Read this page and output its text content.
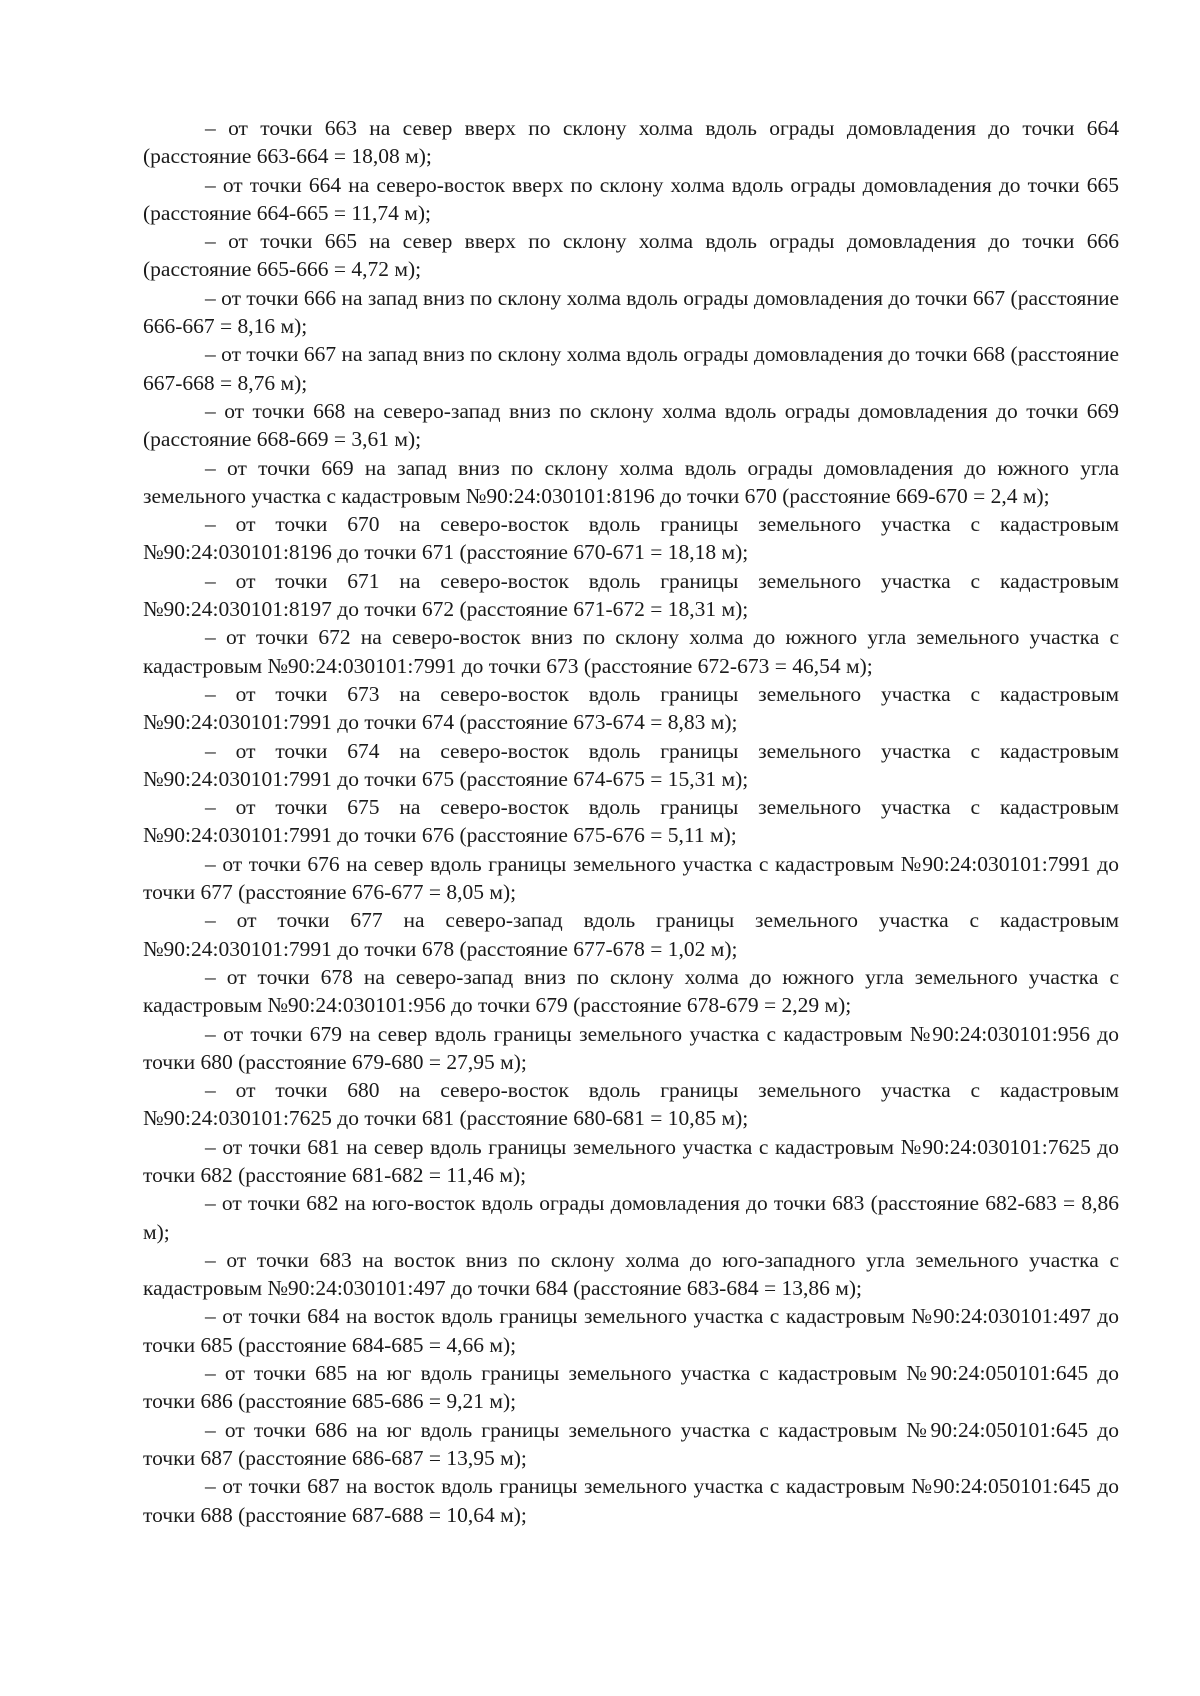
– от точки 663 на север вверх по склону холма вдоль ограды домовладения до точки 664 (расстояние 663-664 = 18,08 м);

– от точки 664 на северо-восток вверх по склону холма вдоль ограды домовладения до точки 665 (расстояние 664-665 = 11,74 м);

– от точки 665 на север вверх по склону холма вдоль ограды домовладения до точки 666 (расстояние 665-666 = 4,72 м);

– от точки 666 на запад вниз по склону холма вдоль ограды домовладения до точки 667 (расстояние 666-667 = 8,16 м);

– от точки 667 на запад вниз по склону холма вдоль ограды домовладения до точки 668 (расстояние 667-668 = 8,76 м);

– от точки 668 на северо-запад вниз по склону холма вдоль ограды домовладения до точки 669 (расстояние 668-669 = 3,61 м);

– от точки 669 на запад вниз по склону холма вдоль ограды домовладения до южного угла земельного участка с кадастровым №90:24:030101:8196 до точки 670 (расстояние 669-670 = 2,4 м);

– от точки 670 на северо-восток вдоль границы земельного участка с кадастровым №90:24:030101:8196 до точки 671 (расстояние 670-671 = 18,18 м);

– от точки 671 на северо-восток вдоль границы земельного участка с кадастровым №90:24:030101:8197 до точки 672 (расстояние 671-672 = 18,31 м);

– от точки 672 на северо-восток вниз по склону холма до южного угла земельного участка с кадастровым №90:24:030101:7991 до точки 673 (расстояние 672-673 = 46,54 м);

– от точки 673 на северо-восток вдоль границы земельного участка с кадастровым №90:24:030101:7991 до точки 674 (расстояние 673-674 = 8,83 м);

– от точки 674 на северо-восток вдоль границы земельного участка с кадастровым №90:24:030101:7991 до точки 675 (расстояние 674-675 = 15,31 м);

– от точки 675 на северо-восток вдоль границы земельного участка с кадастровым №90:24:030101:7991 до точки 676 (расстояние 675-676 = 5,11 м);

– от точки 676 на север вдоль границы земельного участка с кадастровым №90:24:030101:7991 до точки 677 (расстояние 676-677 = 8,05 м);

– от точки 677 на северо-запад вдоль границы земельного участка с кадастровым №90:24:030101:7991 до точки 678 (расстояние 677-678 = 1,02 м);

– от точки 678 на северо-запад вниз по склону холма до южного угла земельного участка с кадастровым №90:24:030101:956 до точки 679 (расстояние 678-679 = 2,29 м);

– от точки 679 на север вдоль границы земельного участка с кадастровым №90:24:030101:956 до точки 680 (расстояние 679-680 = 27,95 м);

– от точки 680 на северо-восток вдоль границы земельного участка с кадастровым №90:24:030101:7625 до точки 681 (расстояние 680-681 = 10,85 м);

– от точки 681 на север вдоль границы земельного участка с кадастровым №90:24:030101:7625 до точки 682 (расстояние 681-682 = 11,46 м);

– от точки 682 на юго-восток вдоль ограды домовладения до точки 683 (расстояние 682-683 = 8,86 м);

– от точки 683 на восток вниз по склону холма до юго-западного угла земельного участка с кадастровым №90:24:030101:497 до точки 684 (расстояние 683-684 = 13,86 м);

– от точки 684 на восток вдоль границы земельного участка с кадастровым №90:24:030101:497 до точки 685 (расстояние 684-685 = 4,66 м);

– от точки 685 на юг вдоль границы земельного участка с кадастровым №90:24:050101:645 до точки 686 (расстояние 685-686 = 9,21 м);

– от точки 686 на юг вдоль границы земельного участка с кадастровым №90:24:050101:645 до точки 687 (расстояние 686-687 = 13,95 м);

– от точки 687 на восток вдоль границы земельного участка с кадастровым №90:24:050101:645 до точки 688 (расстояние 687-688 = 10,64 м);
